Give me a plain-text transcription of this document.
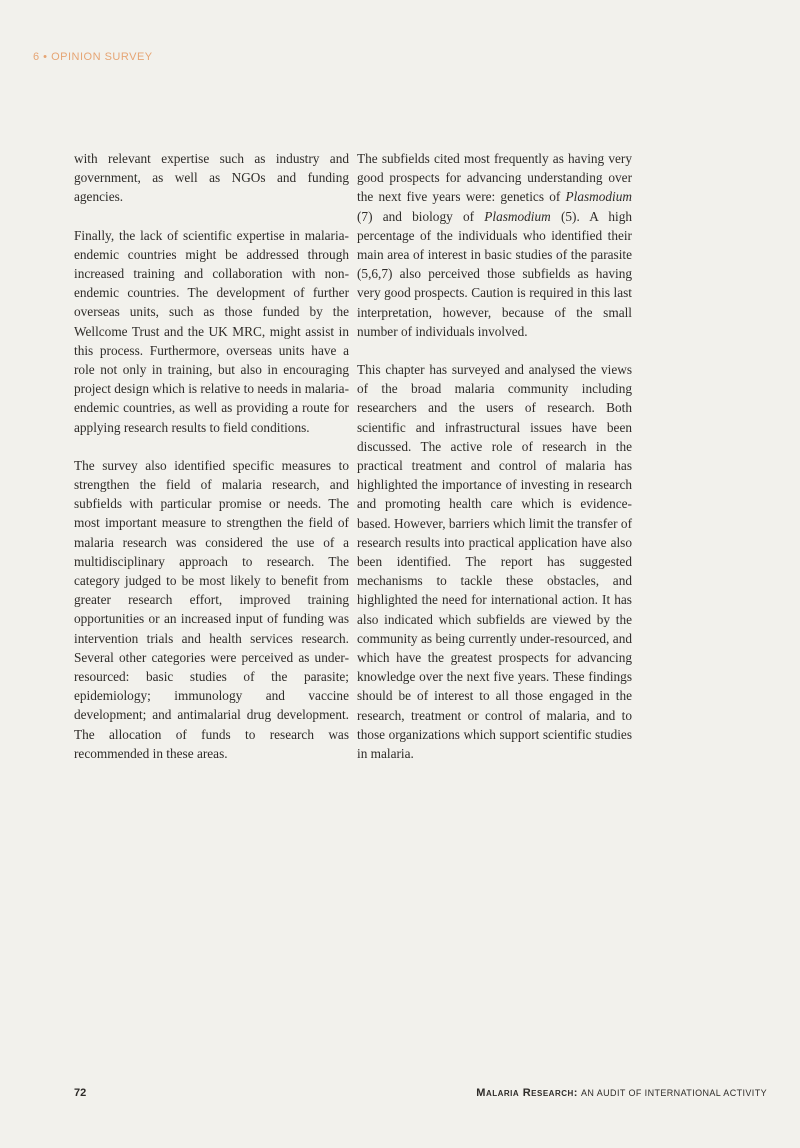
6 • OPINION SURVEY

with relevant expertise such as industry and government, as well as NGOs and funding agencies.

Finally, the lack of scientific expertise in malaria-endemic countries might be addressed through increased training and collaboration with non-endemic countries. The development of further overseas units, such as those funded by the Wellcome Trust and the UK MRC, might assist in this process. Furthermore, overseas units have a role not only in training, but also in encouraging project design which is relative to needs in malaria-endemic countries, as well as providing a route for applying research results to field conditions.

The survey also identified specific measures to strengthen the field of malaria research, and subfields with particular promise or needs. The most important measure to strengthen the field of malaria research was considered the use of a multidisciplinary approach to research. The category judged to be most likely to benefit from greater research effort, improved training opportunities or an increased input of funding was intervention trials and health services research. Several other categories were perceived as under-resourced: basic studies of the parasite; epidemiology; immunology and vaccine development; and antimalarial drug development. The allocation of funds to research was recommended in these areas.

The subfields cited most frequently as having very good prospects for advancing understanding over the next five years were: genetics of Plasmodium (7) and biology of Plasmodium (5). A high percentage of the individuals who identified their main area of interest in basic studies of the parasite (5,6,7) also perceived those subfields as having very good prospects. Caution is required in this last interpretation, however, because of the small number of individuals involved.

This chapter has surveyed and analysed the views of the broad malaria community including researchers and the users of research. Both scientific and infrastructural issues have been discussed. The active role of research in the practical treatment and control of malaria has highlighted the importance of investing in research and promoting health care which is evidence-based. However, barriers which limit the transfer of research results into practical application have also been identified. The report has suggested mechanisms to tackle these obstacles, and highlighted the need for international action. It has also indicated which subfields are viewed by the community as being currently under-resourced, and which have the greatest prospects for advancing knowledge over the next five years. These findings should be of interest to all those engaged in the research, treatment or control of malaria, and to those organizations which support scientific studies in malaria.

72	Malaria Research: AN AUDIT OF INTERNATIONAL ACTIVITY
